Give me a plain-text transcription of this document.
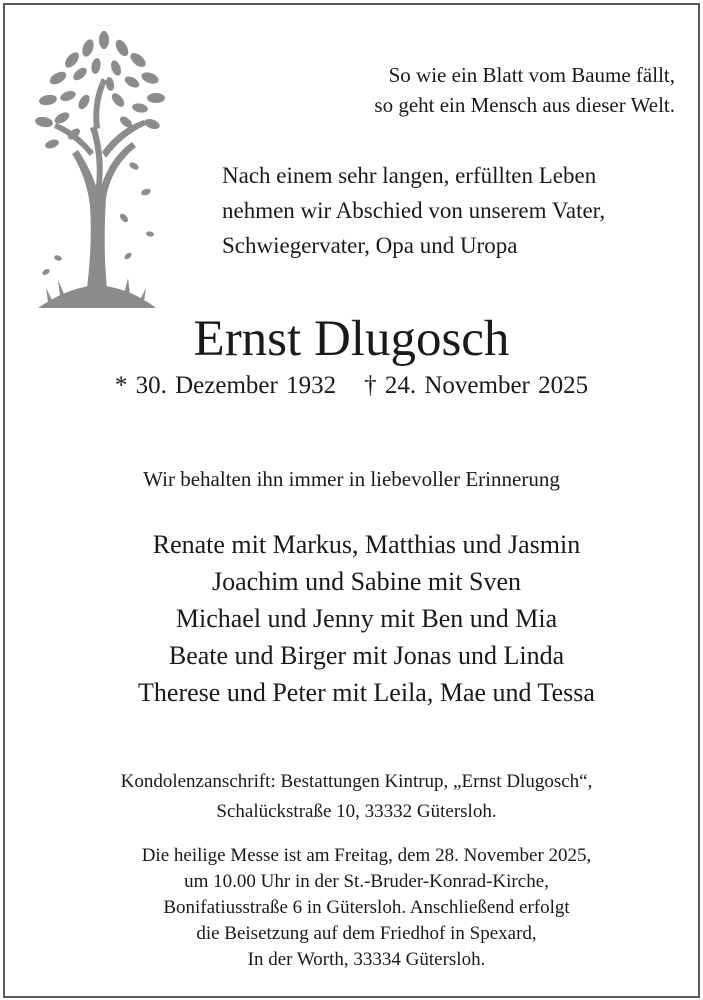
So wie ein Blatt vom Baume fällt,
so geht ein Mensch aus dieser Welt.
Nach einem sehr langen, erfüllten Leben
nehmen wir Abschied von unserem Vater,
Schwiegervater, Opa und Uropa
Ernst Dlugosch
* 30. Dezember 1932 † 24. November 2025
Wir behalten ihn immer in liebevoller Erinnerung
Renate mit Markus, Matthias und Jasmin
Joachim und Sabine mit Sven
Michael und Jenny mit Ben und Mia
Beate und Birger mit Jonas und Linda
Therese und Peter mit Leila, Mae und Tessa
Kondolenzanschrift: Bestattungen Kintrup, „Ernst Dlugosch“,
Schalückstraße 10, 33332 Gütersloh.
Die heilige Messe ist am Freitag, dem 28. November 2025,
um 10.00 Uhr in der St.-Bruder-Konrad-Kirche,
Bonifatiusstraße 6 in Gütersloh. Anschließend erfolgt
die Beisetzung auf dem Friedhof in Spexard,
In der Worth, 33334 Gütersloh.
